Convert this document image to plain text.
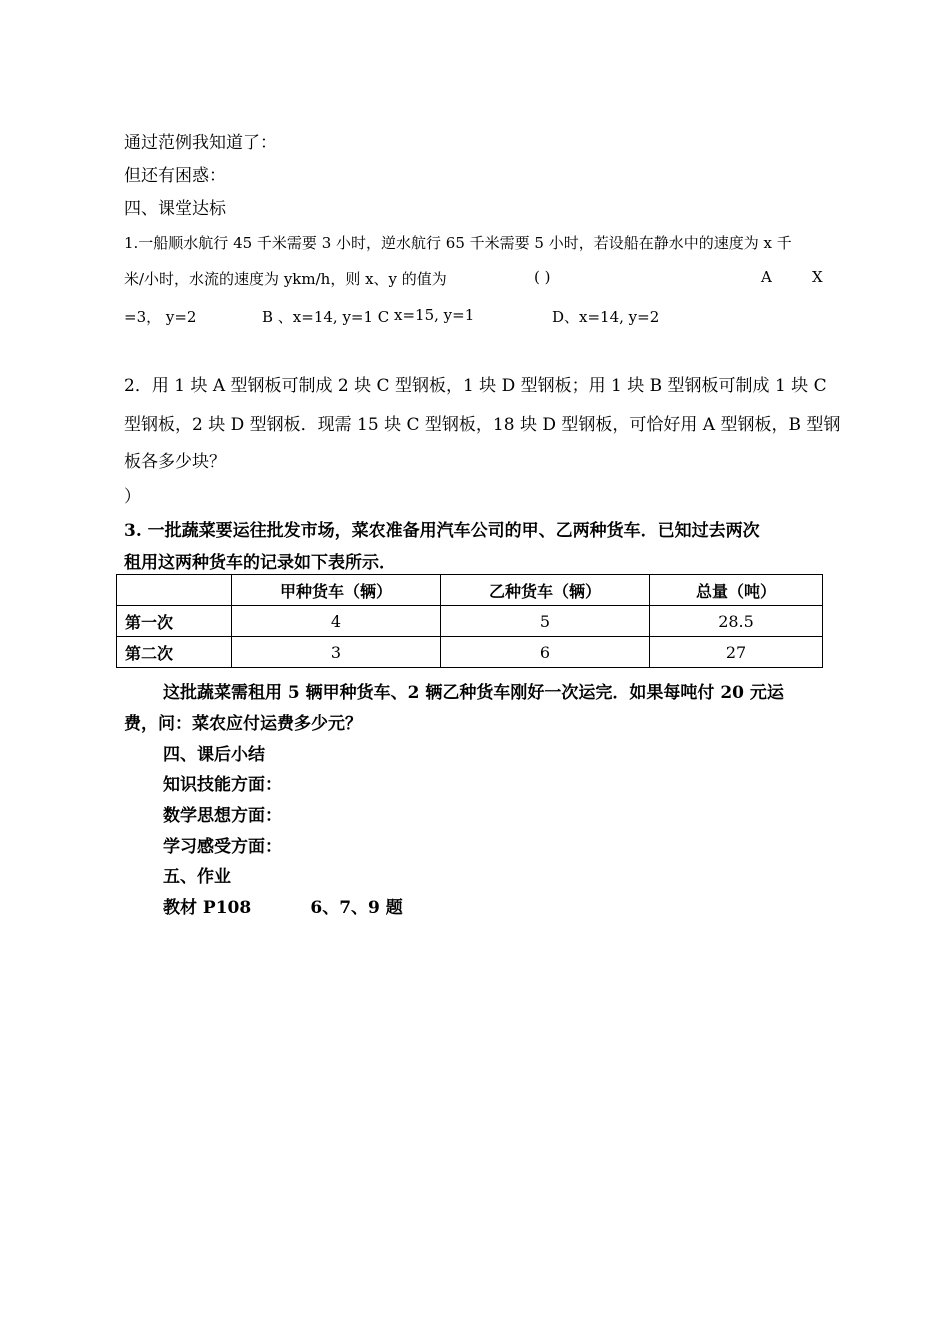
通过范例我知道了：
但还有困惑：
四、课堂达标
1.一船顺水航行 45 千米需要 3 小时，逆水航行 65 千米需要 5 小时，若设船在静水中的速度为 x 千
米/小时，水流的速度为 ykm/h，则 x、y 的值为	( )	A	X
=3， y=2	B 、x=14, y=1 C x=15, y=1	D、x=14, y=2
2．用 1 块 A 型钢板可制成 2 块 C 型钢板，1 块 D 型钢板；用 1 块 B 型钢板可制成 1 块 C
型钢板，2 块 D 型钢板．现需 15 块 C 型钢板，18 块 D 型钢板，可恰好用 A 型钢板，B 型钢
板各多少块？
）
3. 一批蔬菜要运往批发市场，菜农准备用汽车公司的甲、乙两种货车．已知过去两次
租用这两种货车的记录如下表所示．
	甲种货车（辆）	乙种货车（辆）	总量（吨）
第一次	4	5	28.5
第二次	3	6	27
这批蔬菜需租用 5 辆甲种货车、2 辆乙种货车刚好一次运完．如果每吨付 20 元运
费，问：菜农应付运费多少元？
四、课后小结
知识技能方面：
数学思想方面：
学习感受方面：
五、作业
教材 P108          6、7、9 题
